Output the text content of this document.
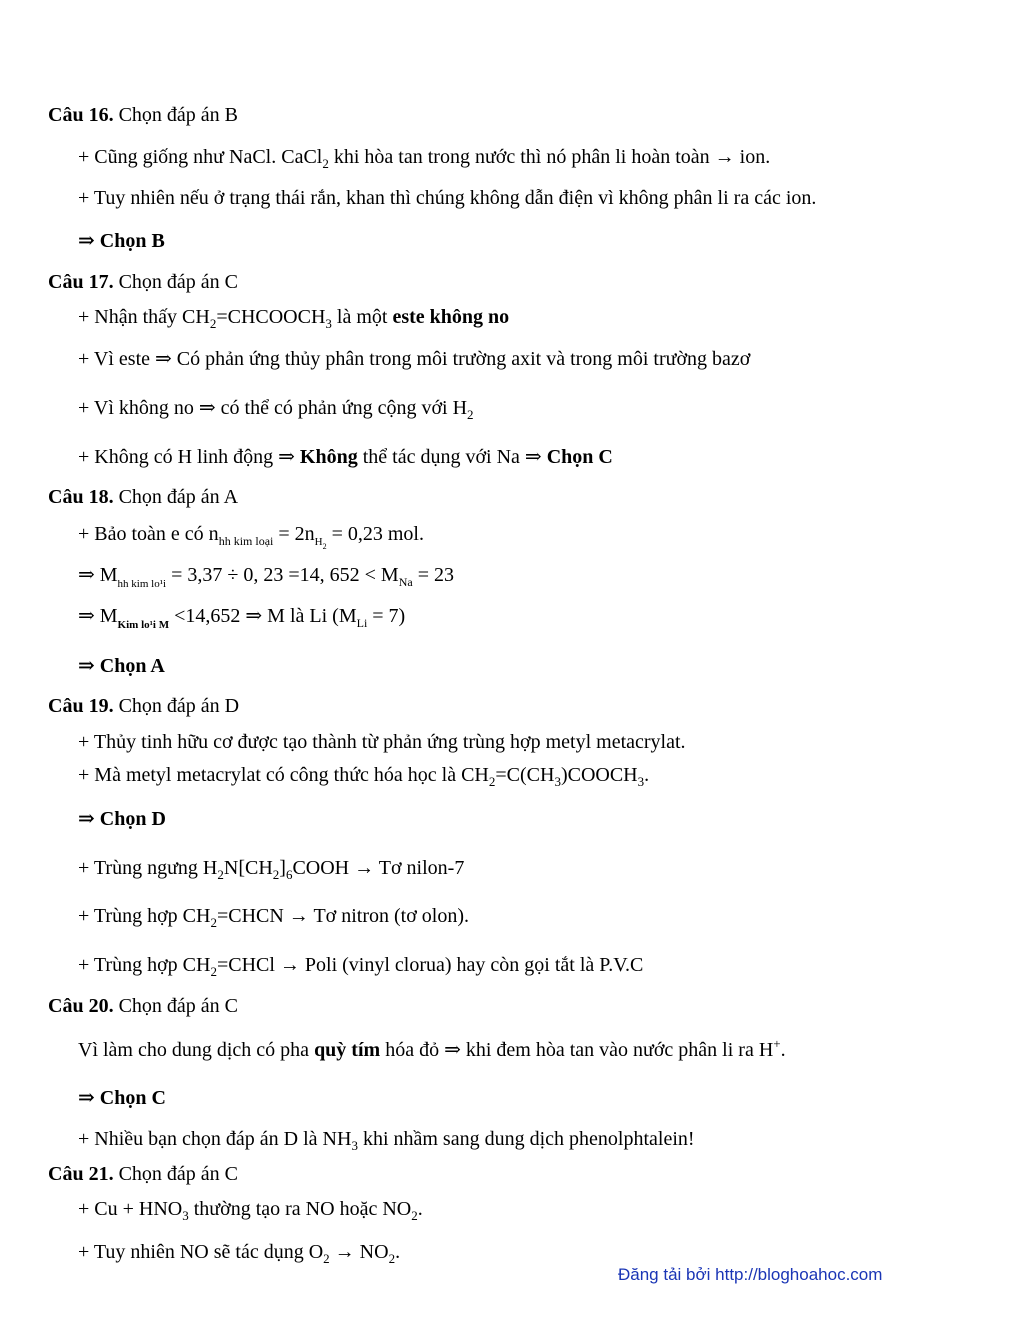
Câu 16. Chọn đáp án B
+ Cũng giống như NaCl. CaCl$_2$ khi hòa tan trong nước thì nó phân li hoàn toàn → ion.
+ Tuy nhiên nếu ở trạng thái rắn, khan thì chúng không dẫn điện vì không phân li ra các ion.
⇒ Chọn B
Câu 17. Chọn đáp án C
+ Nhận thấy $CH_2=CHCOOCH_3$ là một este không no
+ Vì este ⇒ Có phản ứng thủy phân trong môi trường axit và trong môi trường bazơ
+ Vì không no ⇒ có thể có phản ứng cộng với $H_2$
+ Không có H linh động ⇒ Không thể tác dụng với Na ⇒ Chọn C
Câu 18. Chọn đáp án A
+ Bảo toàn e có $n_{hh kim loại} = 2n_{H2} = 0,23$ mol.
⇒ $M_{hh kim lo^1i} = 3,37 \div 0$, 23 =14, $652 < M_{Na} = 23$
⇒ $M_{Kim lo^1i M} <14,652$ ⇒ M là Li $(M_{Li} = 7)$
⇒ Chọn A
Câu 19. Chọn đáp án D
+ Thủy tinh hữu cơ được tạo thành từ phản ứng trùng hợp metyl metacrylat.
+ Mà metyl metacrylat có công thức hóa học là $CH_2=C(CH_3)COOCH_3$.
⇒ Chọn D
+ Trùng ngưng $H_2N[CH_2]_6COOH$ → Tơ nilon-7
+ Trùng hợp $CH_2=CHCN$ → Tơ nitron (tơ olon).
+ Trùng hợp $CH_2=CHCl$ → Poli (vinyl clorua) hay còn gọi tắt là P.V.C
Câu 20. Chọn đáp án C
Vì làm cho dung dịch có pha quỳ tím hóa đỏ ⇒ khi đem hòa tan vào nước phân li ra H+.
⇒ Chọn C
+ Nhiều bạn chọn đáp án D là $NH_3$ khi nhầm sang dung dịch phenolphtalein!
Câu 21. Chọn đáp án C
+ $Cu + HNO_3$ thường tạo ra NO hoặc $NO_2$.
+ Tuy nhiên NO sẽ tác dụng $O_2 \to NO_2$.
Đăng tải bởi http://bloghoahoc.com
